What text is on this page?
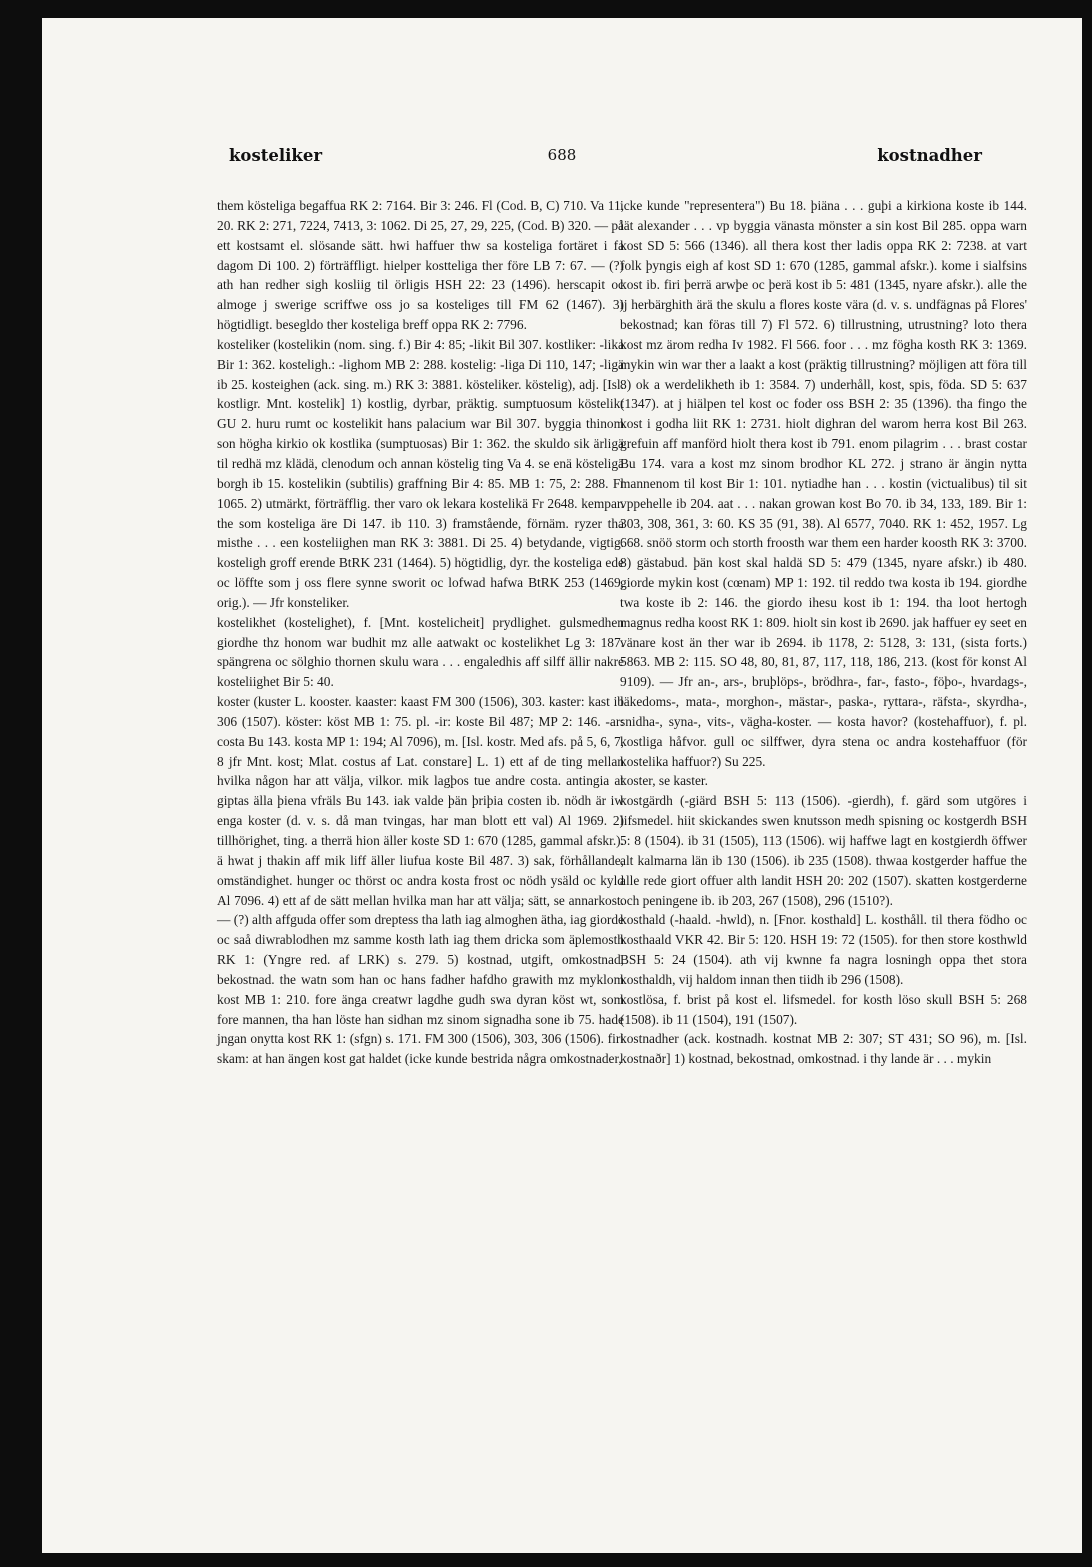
kosteliker	688	kostnadher

them kösteliga begaffua RK 2: 7164. Bir 3: 246. Fl (Cod. B, C) 710. Va 11, 20. RK 2: 271, 7224, 7413, 3: 1062. Di 25, 27, 29, 225, (Cod. B) 320. — på ett kostsamt el. slösande sätt. hwi haffuer thw sa kosteliga fortäret i fa dagom Di 100. 2) förträffligt. hielper kostteliga ther före LB 7: 67. — (?) ath han redher sigh kosliig til örligis HSH 22: 23 (1496). herscapit oc almoge j swerige scriffwe oss jo sa kosteliges till FM 62 (1467). 3) högtidligt. besegldo ther kosteliga breff oppa RK 2: 7796.

kosteliker (kostelikin (nom. sing. f.) Bir 4: 85; -likit Bil 307. kostliker: -lika Bir 1: 362. kosteligh.: -lighom MB 2: 288. kostelig: -liga Di 110, 147; -ligä ib 25. kosteighen (ack. sing. m.) RK 3: 3881. kösteliker. köstelig), adj. [Isl. kostligr. Mnt. kostelik] 1) kostlig, dyrbar, präktig. sumptuosum köstelikt GU 2. huru rumt oc kostelikit hans palacium war Bil 307. byggia thinom son högha kirkio ok kostlika (sumptuosas) Bir 1: 362. the skuldo sik ärligä til redhä mz klädä, clenodum och annan köstelig ting Va 4. se enä kösteligä borgh ib 15. kostelikin (subtilis) graffning Bir 4: 85. MB 1: 75, 2: 288. Fl 1065. 2) utmärkt, förträfflig. ther varo ok lekara kostelikä Fr 2648. kempar. the som kosteliga äre Di 147. ib 110. 3) framstående, förnäm. ryzer tha misthe . . . een kosteliighen man RK 3: 3881. Di 25. 4) betydande, vigtig. kosteligh groff erende BtRK 231 (1464). 5) högtidlig, dyr. the kosteliga ede oc löffte som j oss flere synne sworit oc lofwad hafwa BtRK 253 (1469, orig.). — Jfr konsteliker.

kostelikhet (kostelighet), f. [Mnt. kostelicheit] prydlighet. gulsmedhen giordhe thz honom war budhit mz alle aatwakt oc kostelikhet Lg 3: 187. spängrena oc sölghio thornen skulu wara . . . engaledhis aff silff ällir nakre kosteliighet Bir 5: 40.

koster (kuster L. kooster. kaaster: kaast FM 300 (1506), 303. kaster: kast ib 306 (1507). köster: köst MB 1: 75. pl. -ir: koste Bil 487; MP 2: 146. -ar: costa Bu 143. kosta MP 1: 194; Al 7096), m. [Isl. kostr. Med afs. på 5, 6, 7, 8 jfr Mnt. kost; Mlat. costus af Lat. constare] L. 1) ett af de ting mellan hvilka någon har att välja, vilkor. mik lagþos tue andre costa. antingia at giptas älla þiena vfräls Bu 143. iak valde þän þriþia costen ib. nödh är iw enga koster (d. v. s. då man tvingas, har man blott ett val) Al 1969. 2) tillhörighet, ting. a therrä hion äller koste SD 1: 670 (1285, gammal afskr.). ä hwat j thakin aff mik liff äller liufua koste Bil 487. 3) sak, förhållande, omständighet. hunger oc thörst oc andra kosta frost oc nödh ysäld oc kyld Al 7096. 4) ett af de sätt mellan hvilka man har att välja; sätt, se annarkost. — (?) alth affguda offer som dreptess tha lath iag almoghen ätha, iag giorde oc saå diwrablodhen mz samme kosth lath iag them dricka som äplemosth RK 1: (Yngre red. af LRK) s. 279. 5) kostnad, utgift, omkostnad, bekostnad. the watn som han oc hans fadher hafdho grawith mz myklom kost MB 1: 210. fore änga creatwr lagdhe gudh swa dyran köst wt, som fore mannen, tha han löste han sidhan mz sinom signadha sone ib 75. hade jngan onytta kost RK 1: (sfgn) s. 171. FM 300 (1506), 303, 306 (1506). firi skam: at han ängen kost gat haldet (icke kunde bestrida några omkostnader,

icke kunde "representera") Bu 18. þiäna . . . guþi a kirkiona koste ib 144. lät alexander . . . vp byggia vänasta mönster a sin kost Bil 285. oppa warn kost SD 5: 566 (1346). all thera kost ther ladis oppa RK 2: 7238. at vart folk þyngis eigh af kost SD 1: 670 (1285, gammal afskr.). kome i sialfsins kost ib. firi þerrä arwþe oc þerä kost ib 5: 481 (1345, nyare afskr.). alle the ij herbärghith ärä the skulu a flores koste vära (d. v. s. undfägnas på Flores' bekostnad; kan föras till 7) Fl 572. 6) tillrustning, utrustning? loto thera kost mz ärom redha Iv 1982. Fl 566. foor . . . mz fögha kosth RK 3: 1369. mykin win war ther a laakt a kost (präktig tillrustning? möjligen att föra till 8) ok a werdelikheth ib 1: 3584. 7) underhåll, kost, spis, föda. SD 5: 637 (1347). at j hiälpen tel kost oc foder oss BSH 2: 35 (1396). tha fingo the kost i godha liit RK 1: 2731. hiolt dighran del warom herra kost Bil 263. grefuin aff manförd hiolt thera kost ib 791. enom pilagrim . . . brast costar Bu 174. vara a kost mz sinom brodhor KL 272. j strano är ängin nytta mannenom til kost Bir 1: 101. nytiadhe han . . . kostin (victualibus) til sit vppehelle ib 204. aat . . . nakan growan kost Bo 70. ib 34, 133, 189. Bir 1: 303, 308, 361, 3: 60. KS 35 (91, 38). Al 6577, 7040. RK 1: 452, 1957. Lg 668. snöö storm och storth froosth war them een harder koosth RK 3: 3700. 8) gästabud. þän kost skal haldä SD 5: 479 (1345, nyare afskr.) ib 480. giorde mykin kost (cœnam) MP 1: 192. til reddo twa kosta ib 194. giordhe twa koste ib 2: 146. the giordo ihesu kost ib 1: 194. tha loot hertogh magnus redha koost RK 1: 809. hiolt sin kost ib 2690. jak haffuer ey seet en vänare kost än ther war ib 2694. ib 1178, 2: 5128, 3: 131, (sista forts.) 5863. MB 2: 115. SO 48, 80, 81, 87, 117, 118, 186, 213. (kost för konst Al 9109). — Jfr an-, ars-, bruþlöps-, brödhra-, far-, fasto-, föþo-, hvardags-, läkedoms-, mata-, morghon-, mästar-, paska-, ryttara-, räfsta-, skyrdha-, snidha-, syna-, vits-, vägha-koster. — kosta havor? (kostehaffuor), f. pl. kostliga håfvor. gull oc silffwer, dyra stena oc andra kostehaffuor (för kostelika haffuor?) Su 225.

koster, se kaster.

kostgärdh (-giärd BSH 5: 113 (1506). -gierdh), f. gärd som utgöres i lifsmedel. hiit skickandes swen knutsson medh spisning oc kostgerdh BSH 5: 8 (1504). ib 31 (1505), 113 (1506). wij haffwe lagt en kostgierdh öffwer alt kalmarna län ib 130 (1506). ib 235 (1508). thwaa kostgerder haffue the alle rede giort offuer alth landit HSH 20: 202 (1507). skatten kostgerderne och peningene ib. ib 203, 267 (1508), 296 (1510?).

kosthald (-haald. -hwld), n. [Fnor. kosthald] L. kosthåll. til thera födho oc kosthaald VKR 42. Bir 5: 120. HSH 19: 72 (1505). for then store kosthwld BSH 5: 24 (1504). ath vij kwnne fa nagra losningh oppa thet stora kosthaldh, vij haldom innan then tiidh ib 296 (1508).

kostlösa, f. brist på kost el. lifsmedel. for kosth löso skull BSH 5: 268 (1508). ib 11 (1504), 191 (1507).

kostnadher (ack. kostnadh. kostnat MB 2: 307; ST 431; SO 96), m. [Isl. kostnaðr] 1) kostnad, bekostnad, omkostnad. i thy lande är . . . mykin
